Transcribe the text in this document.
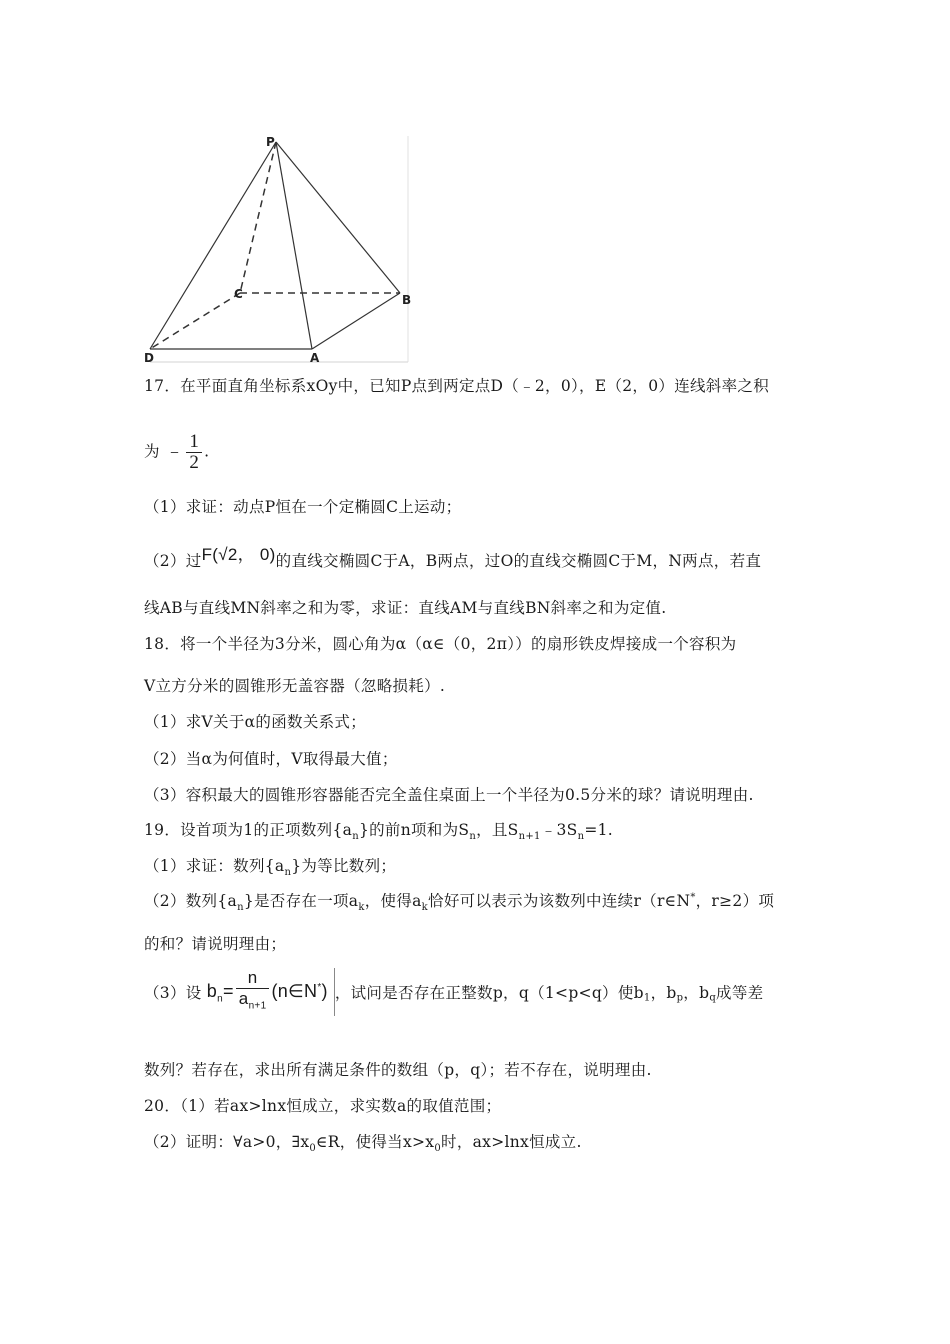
P
C	B
D	A
17．在平面直角坐标系xOy中，已知P点到两定点D（﹣2，0），E（2，0）连线斜率之积
为 ﹣ $\frac{1}{2}$ .
（1）求证：动点P恒在一个定椭圆C上运动；
（2）过F(√2， 0)的直线交椭圆C于A，B两点，过O的直线交椭圆C于M，N两点，若直
线AB与直线MN斜率之和为零，求证：直线AM与直线BN斜率之和为定值.
18．将一个半径为3分米，圆心角为α（α∈（0，2π））的扇形铁皮焊接成一个容积为
V立方分米的圆锥形无盖容器（忽略损耗）.
（1）求V关于α的函数关系式；
（2）当α为何值时，V取得最大值；
（3）容积最大的圆锥形容器能否完全盖住桌面上一个半径为0.5分米的球？请说明理由.
19．设首项为1的正项数列$\{a_n\}$的前n项和为$S_n$，且$S_{n+1}﹣3S_n=1$.
（1）求证：数列$\{a_n\}$为等比数列；
（2）数列$\{a_n\}$是否存在一项$a_k$，使得$a_k$恰好可以表示为该数列中连续r（r∈N*，r≥2）项
的和？请说明理由；
（3）设 $b_n= \frac{n}{a_{n+1}}$ (n∈N*) ，试问是否存在正整数p，q（1<p<q）使$b_1$，$b_p$，$b_q$成等差
数列？若存在，求出所有满足条件的数组（p，q）；若不存在，说明理由.
20．（1）若ax>lnx恒成立，求实数a的取值范围；
（2）证明：∀a>0，$\exists x_0\in R$，使得当$x>x_0$时，ax>lnx恒成立.
